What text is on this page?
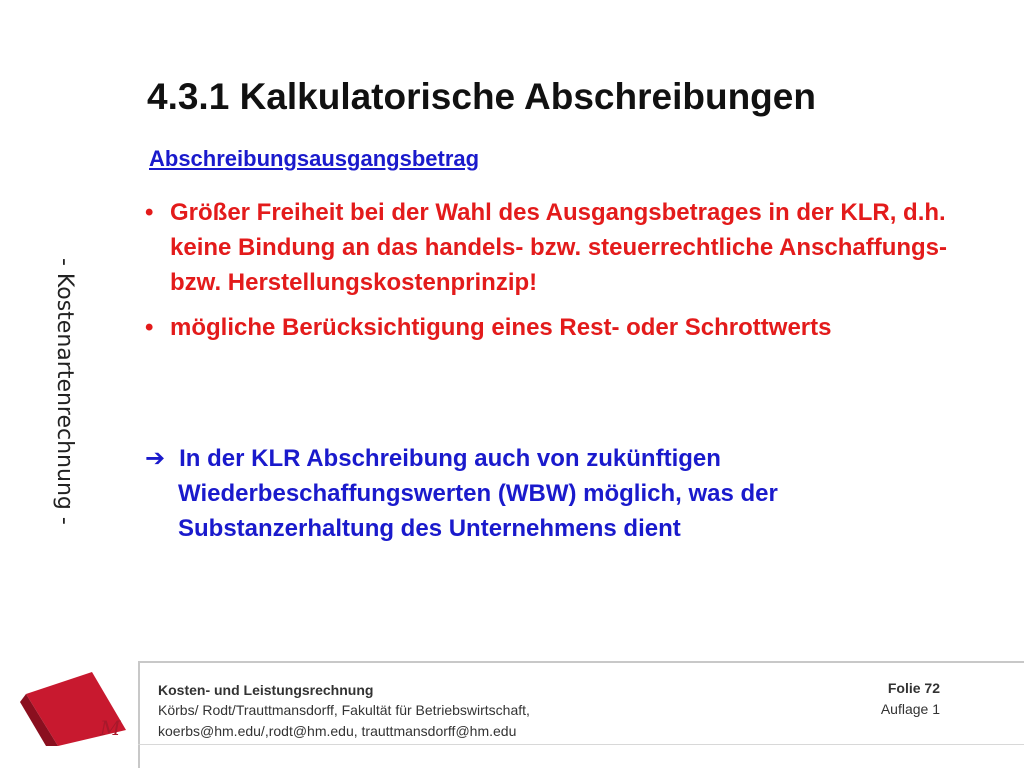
- Kostenartenrechnung -
4.3.1 Kalkulatorische Abschreibungen
Abschreibungsausgangsbetrag
• Größer Freiheit bei der Wahl des Ausgangsbetrages in der KLR, d.h. keine Bindung an das handels- bzw. steuerrechtliche Anschaffungs- bzw. Herstellungskostenprinzip!
• mögliche Berücksichtigung eines Rest- oder Schrottwerts
➔ In der KLR Abschreibung auch von zukünftigen
Wiederbeschaffungswerten (WBW) möglich, was der Substanzerhaltung des Unternehmens dient
M
Kosten- und Leistungsrechnung
Körbs/ Rodt/Trauttmansdorff, Fakultät für Betriebswirtschaft,
koerbs@hm.edu/,rodt@hm.edu, trauttmansdorff@hm.edu
Folie 72
Auflage 1
